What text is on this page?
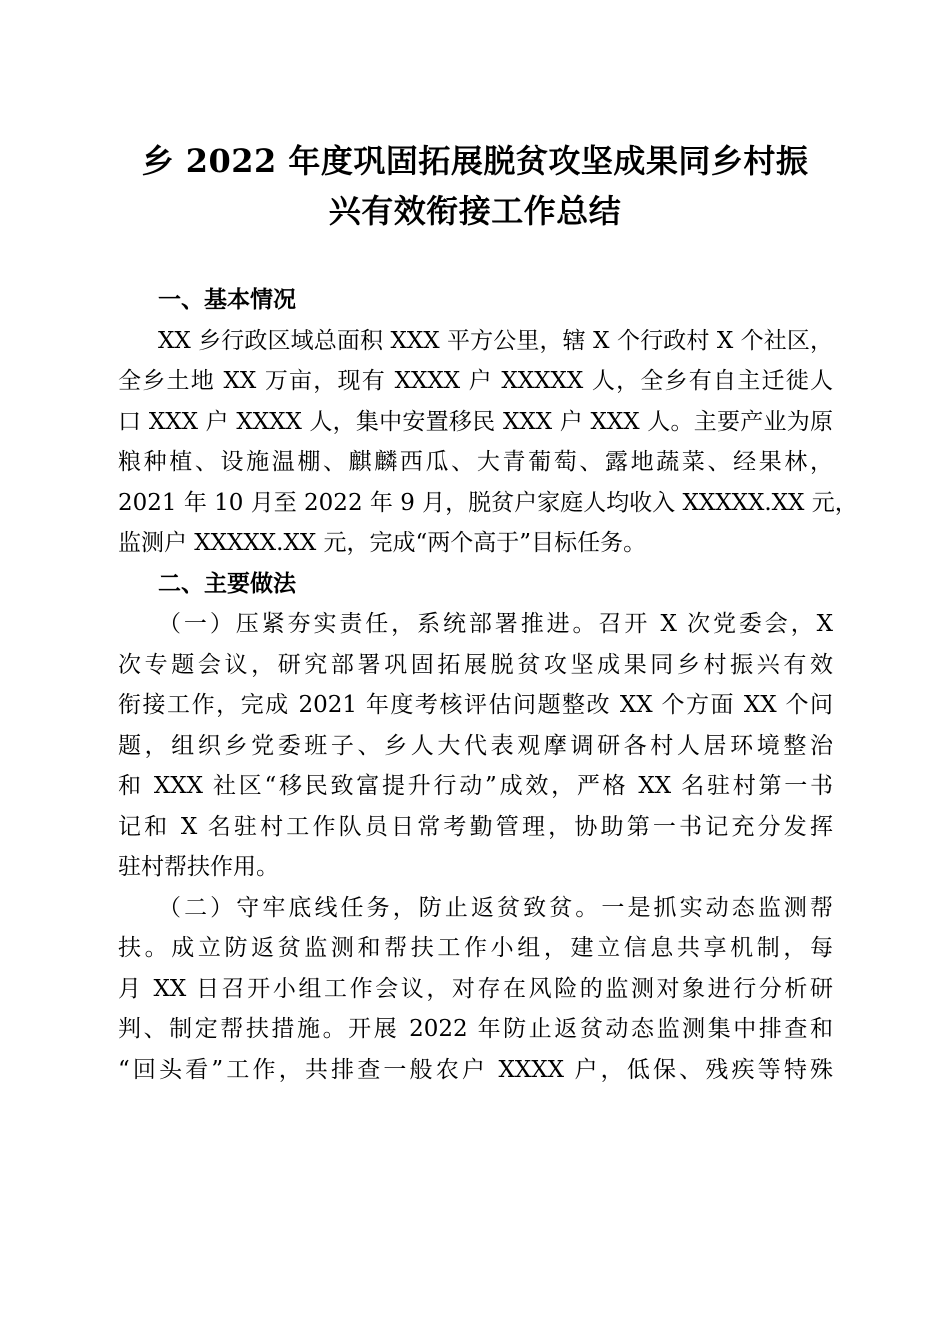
乡 2022 年度巩固拓展脱贫攻坚成果同乡村振
兴有效衔接工作总结

一、基本情况

XX 乡行政区域总面积 XXX 平方公里，辖 X 个行政村 X 个社区，
全乡土地 XX 万亩，现有 XXXX 户 XXXXX 人，全乡有自主迁徙人
口 XXX 户 XXXX 人，集中安置移民 XXX 户 XXX 人。主要产业为原
粮种植、设施温棚、麒麟西瓜、大青葡萄、露地蔬菜、经果林，
2021 年 10 月至 2022 年 9 月，脱贫户家庭人均收入 XXXXX.XX 元，
监测户 XXXXX.XX 元，完成“两个高于”目标任务。

二、主要做法

（一）压紧夯实责任，系统部署推进。召开 X 次党委会，X
次专题会议，研究部署巩固拓展脱贫攻坚成果同乡村振兴有效
衔接工作，完成 2021 年度考核评估问题整改 XX 个方面 XX 个问
题，组织乡党委班子、乡人大代表观摩调研各村人居环境整治
和 XXX 社区“移民致富提升行动”成效，严格 XX 名驻村第一书
记和 X 名驻村工作队员日常考勤管理，协助第一书记充分发挥
驻村帮扶作用。

（二）守牢底线任务，防止返贫致贫。一是抓实动态监测帮
扶。成立防返贫监测和帮扶工作小组，建立信息共享机制，每
月 XX 日召开小组工作会议，对存在风险的监测对象进行分析研
判、制定帮扶措施。开展 2022 年防止返贫动态监测集中排查和
“回头看”工作，共排查一般农户 XXXX 户，低保、残疾等特殊
